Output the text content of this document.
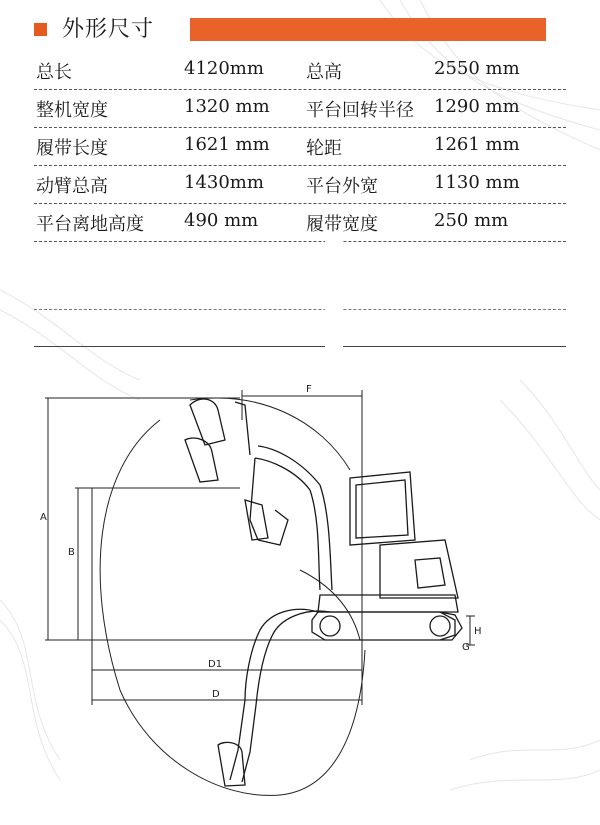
外形尺寸
总长	4120mm 总高	2550 mm
整机宽度	1320 mm 平台回转半径 1290 mm
履带长度	1621 mm 轮距	1261 mm
动臂总高	1430mm 平台外宽	1130 mm
平台离地高度 490 mm	履带宽度	250 mm
A
B
F
D1
D
G
H
